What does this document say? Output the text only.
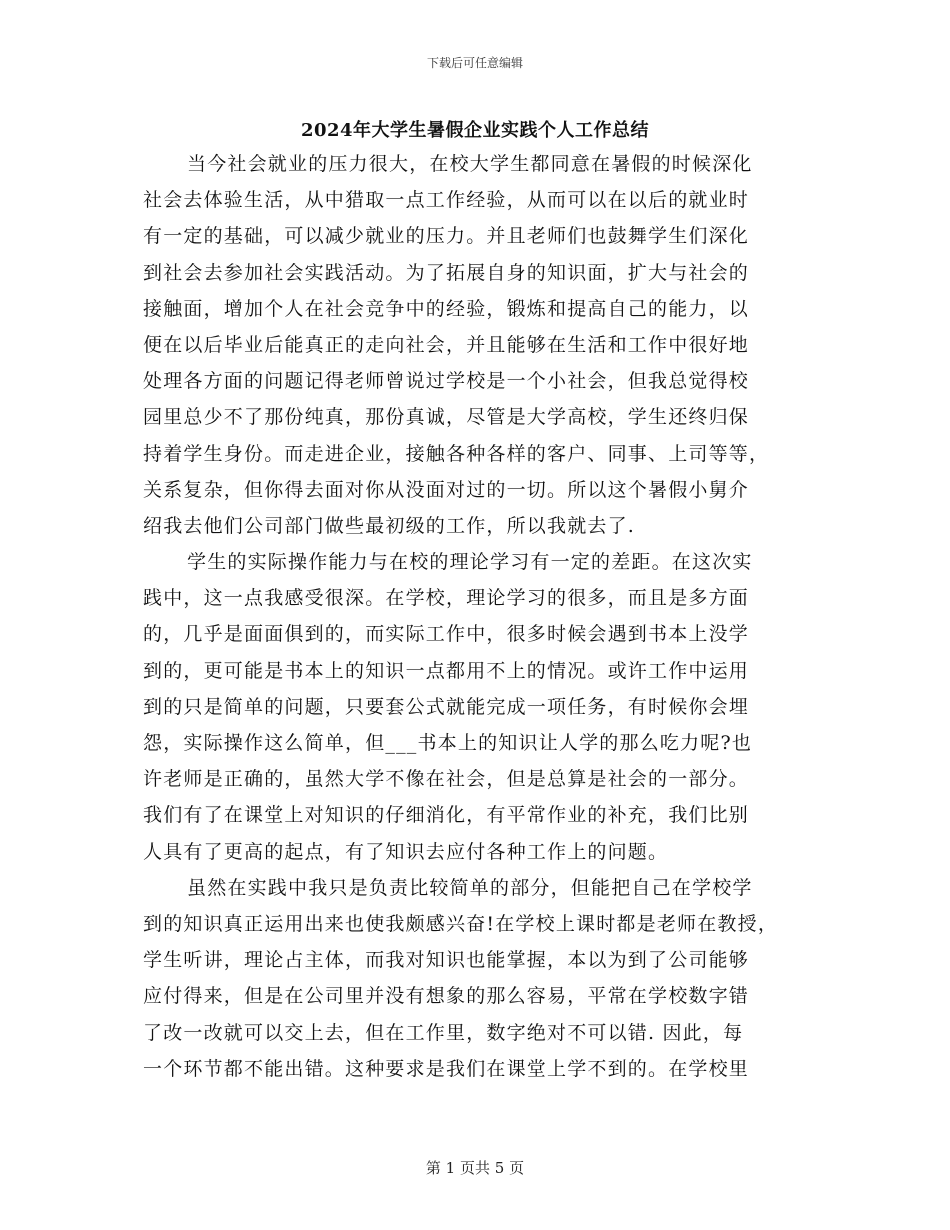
下载后可任意编辑
2024年大学生暑假企业实践个人工作总结
当今社会就业的压力很大，在校大学生都同意在暑假的时候深化
社会去体验生活，从中猎取一点工作经验，从而可以在以后的就业时
有一定的基础，可以减少就业的压力。并且老师们也鼓舞学生们深化
到社会去参加社会实践活动。为了拓展自身的知识面，扩大与社会的
接触面，增加个人在社会竞争中的经验，锻炼和提高自己的能力，以
便在以后毕业后能真正的走向社会，并且能够在生活和工作中很好地
处理各方面的问题记得老师曾说过学校是一个小社会，但我总觉得校
园里总少不了那份纯真，那份真诚，尽管是大学高校，学生还终归保
持着学生身份。而走进企业，接触各种各样的客户、同事、上司等等，
关系复杂，但你得去面对你从没面对过的一切。所以这个暑假小舅介
绍我去他们公司部门做些最初级的工作，所以我就去了.
学生的实际操作能力与在校的理论学习有一定的差距。在这次实
践中，这一点我感受很深。在学校，理论学习的很多，而且是多方面
的，几乎是面面俱到的，而实际工作中，很多时候会遇到书本上没学
到的，更可能是书本上的知识一点都用不上的情况。或许工作中运用
到的只是简单的问题，只要套公式就能完成一项任务，有时候你会埋
怨，实际操作这么简单，但___书本上的知识让人学的那么吃力呢?也
许老师是正确的，虽然大学不像在社会，但是总算是社会的一部分。
我们有了在课堂上对知识的仔细消化，有平常作业的补充，我们比别
人具有了更高的起点，有了知识去应付各种工作上的问题。
虽然在实践中我只是负责比较简单的部分，但能把自己在学校学
到的知识真正运用出来也使我颇感兴奋!在学校上课时都是老师在教授，
学生听讲，理论占主体，而我对知识也能掌握，本以为到了公司能够
应付得来，但是在公司里并没有想象的那么容易，平常在学校数字错
了改一改就可以交上去，但在工作里，数字绝对不可以错. 因此，每
一个环节都不能出错。这种要求是我们在课堂上学不到的。在学校里
第 1 页共 5 页
